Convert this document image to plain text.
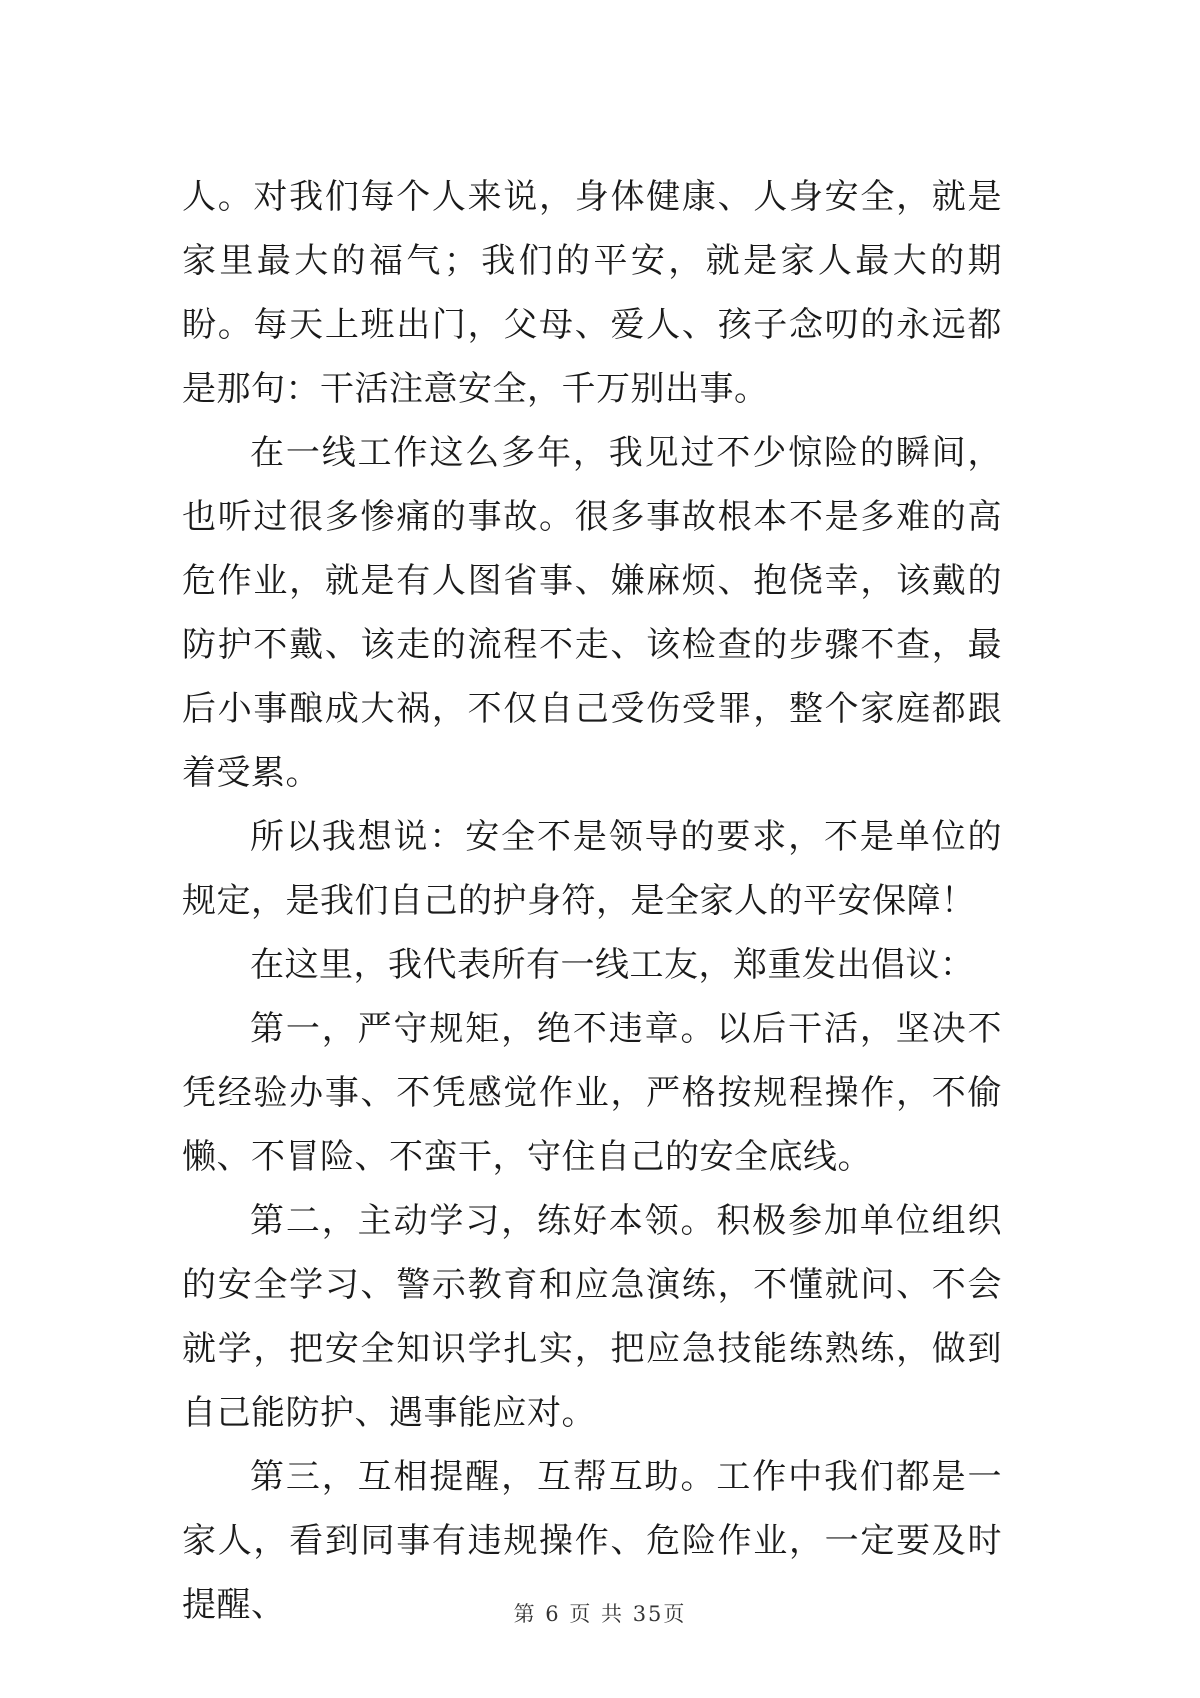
人。对我们每个人来说，身体健康、人身安全，就是家里最大的福气；我们的平安，就是家人最大的期盼。每天上班出门，父母、爱人、孩子念叨的永远都是那句：干活注意安全，千万别出事。

在一线工作这么多年，我见过不少惊险的瞬间，也听过很多惨痛的事故。很多事故根本不是多难的高危作业，就是有人图省事、嫌麻烦、抱侥幸，该戴的防护不戴、该走的流程不走、该检查的步骤不查，最后小事酿成大祸，不仅自己受伤受罪，整个家庭都跟着受累。

所以我想说：安全不是领导的要求，不是单位的规定，是我们自己的护身符，是全家人的平安保障！

在这里，我代表所有一线工友，郑重发出倡议：

第一，严守规矩，绝不违章。以后干活，坚决不凭经验办事、不凭感觉作业，严格按规程操作，不偷懒、不冒险、不蛮干，守住自己的安全底线。

第二，主动学习，练好本领。积极参加单位组织的安全学习、警示教育和应急演练，不懂就问、不会就学，把安全知识学扎实，把应急技能练熟练，做到自己能防护、遇事能应对。

第三，互相提醒，互帮互助。工作中我们都是一家人，看到同事有违规操作、危险作业，一定要及时提醒、	第 6 页 共 35页
